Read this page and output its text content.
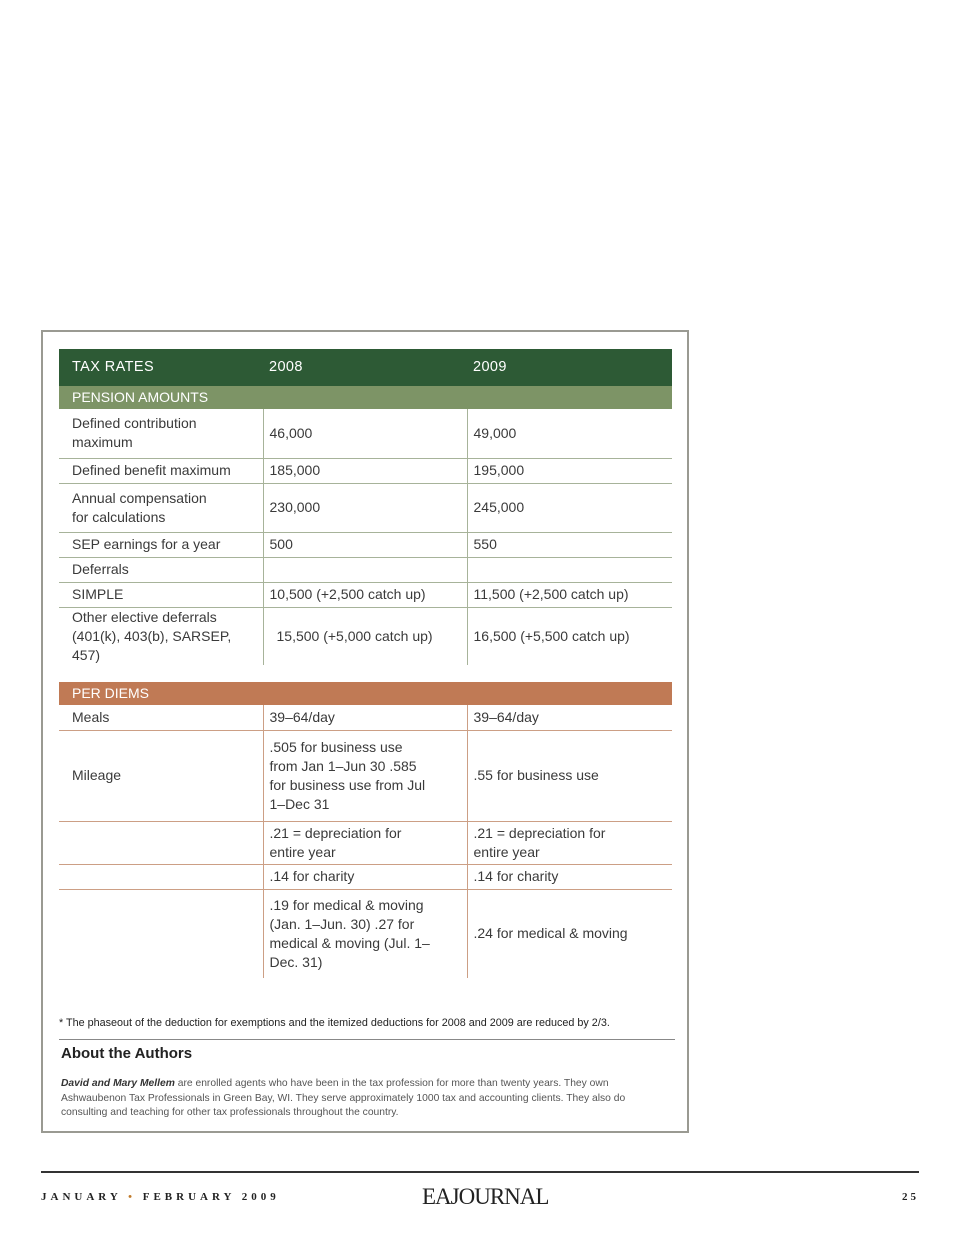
TAX RATES	2008	2009
PENSION AMOUNTS		
Defined contribution maximum	46,000	49,000
Defined benefit maximum	185,000	195,000
Annual compensation for calculations	230,000	245,000
SEP earnings for a year	500	550
Deferrals		
SIMPLE	10,500 (+2,500 catch up)	11,500 (+2,500 catch up)
Other elective deferrals (401(k), 403(b), SARSEP, 457)	15,500 (+5,000 catch up)	16,500 (+5,500 catch up)
PER DIEMS		
Meals	39–64/day	39–64/day
Mileage	.505 for business use from Jan 1–Jun 30 .585 for business use from Jul 1–Dec 31	.55 for business use
	.21 = depreciation for entire year	.21 = depreciation for entire year
	.14 for charity	.14 for charity
	.19 for medical & moving (Jan. 1–Jun. 30) .27 for medical & moving (Jul. 1–Dec. 31)	.24 for medical & moving
* The phaseout of the deduction for exemptions and the itemized deductions for 2008 and 2009 are reduced by 2/3.
About the Authors
David and Mary Mellem are enrolled agents who have been in the tax profession for more than twenty years. They own Ashwaubenon Tax Professionals in Green Bay, WI. They serve approximately 1000 tax and accounting clients. They also do consulting and teaching for other tax professionals throughout the country.
JANUARY • FEBRUARY 2009	EAJOURNAL	25
